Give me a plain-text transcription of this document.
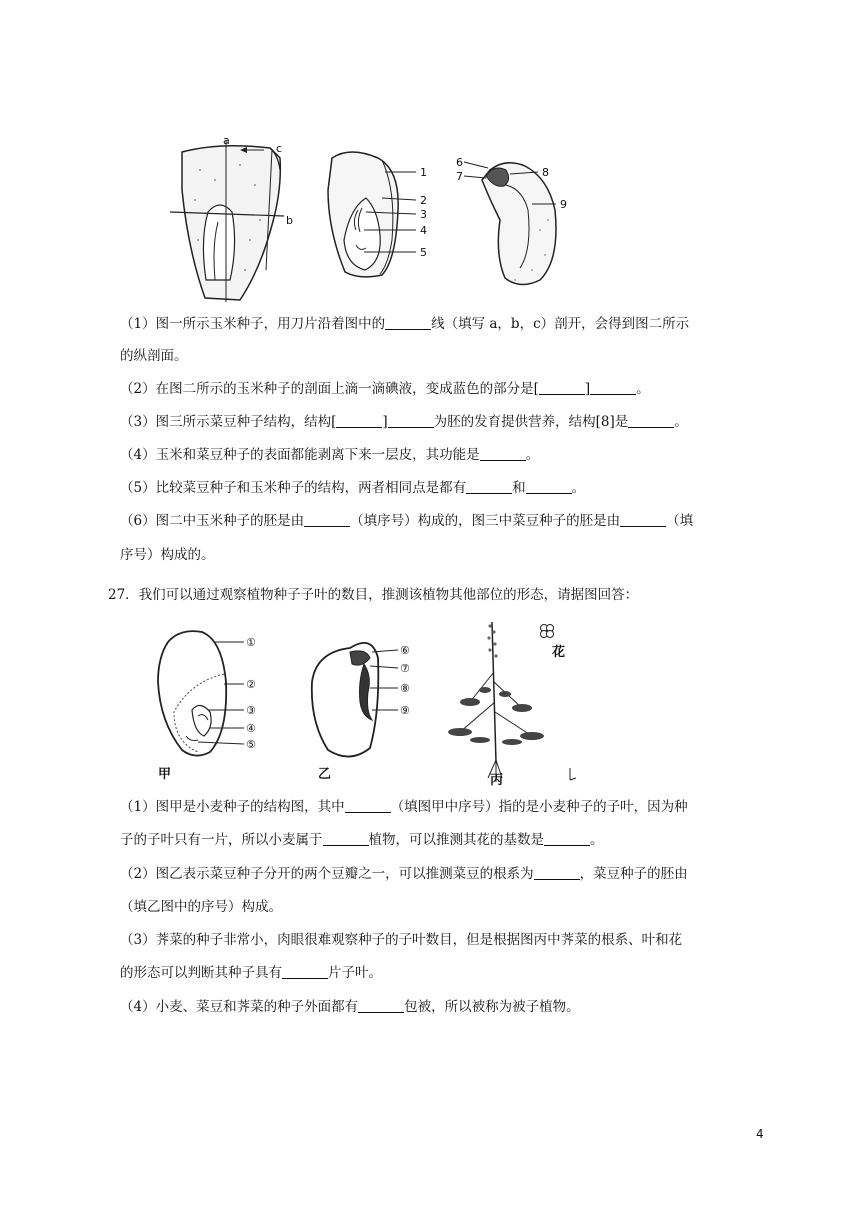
a
c
b
1
2
3
4
5
6
7	8
9
（1）图一所示玉米种子，用刀片沿着图中的	线（填写 a，b，c）剖开，会得到图二所示
的纵剖面。
（2）在图二所示的玉米种子的剖面上滴一滴碘液，变成蓝色的部分是[	]	。
（3）图三所示菜豆种子结构，结构[	]	为胚的发育提供营养，结构[8]是	。
（4）玉米和菜豆种子的表面都能剥离下来一层皮，其功能是	。
（5）比较菜豆种子和玉米种子的结构，两者相同点是都有	和	。
（6）图二中玉米种子的胚是由	（填序号）构成的，图三中菜豆种子的胚是由	（填
序号）构成的。
27．我们可以通过观察植物种子子叶的数目，推测该植物其他部位的形态，请据图回答：
①
②
③
④
⑤
甲
⑥
⑦
⑧
⑨
乙
花
丙
（1）图甲是小麦种子的结构图，其中	（填图甲中序号）指的是小麦种子的子叶，因为种
子的子叶只有一片，所以小麦属于	植物，可以推测其花的基数是	。
（2）图乙表示菜豆种子分开的两个豆瓣之一，可以推测菜豆的根系为	，菜豆种子的胚由
（填乙图中的序号）构成。
（3）荠菜的种子非常小，肉眼很难观察种子的子叶数目，但是根据图丙中荠菜的根系、叶和花
的形态可以判断其种子具有	片子叶。
（4）小麦、菜豆和荠菜的种子外面都有	包被，所以被称为被子植物。
4
